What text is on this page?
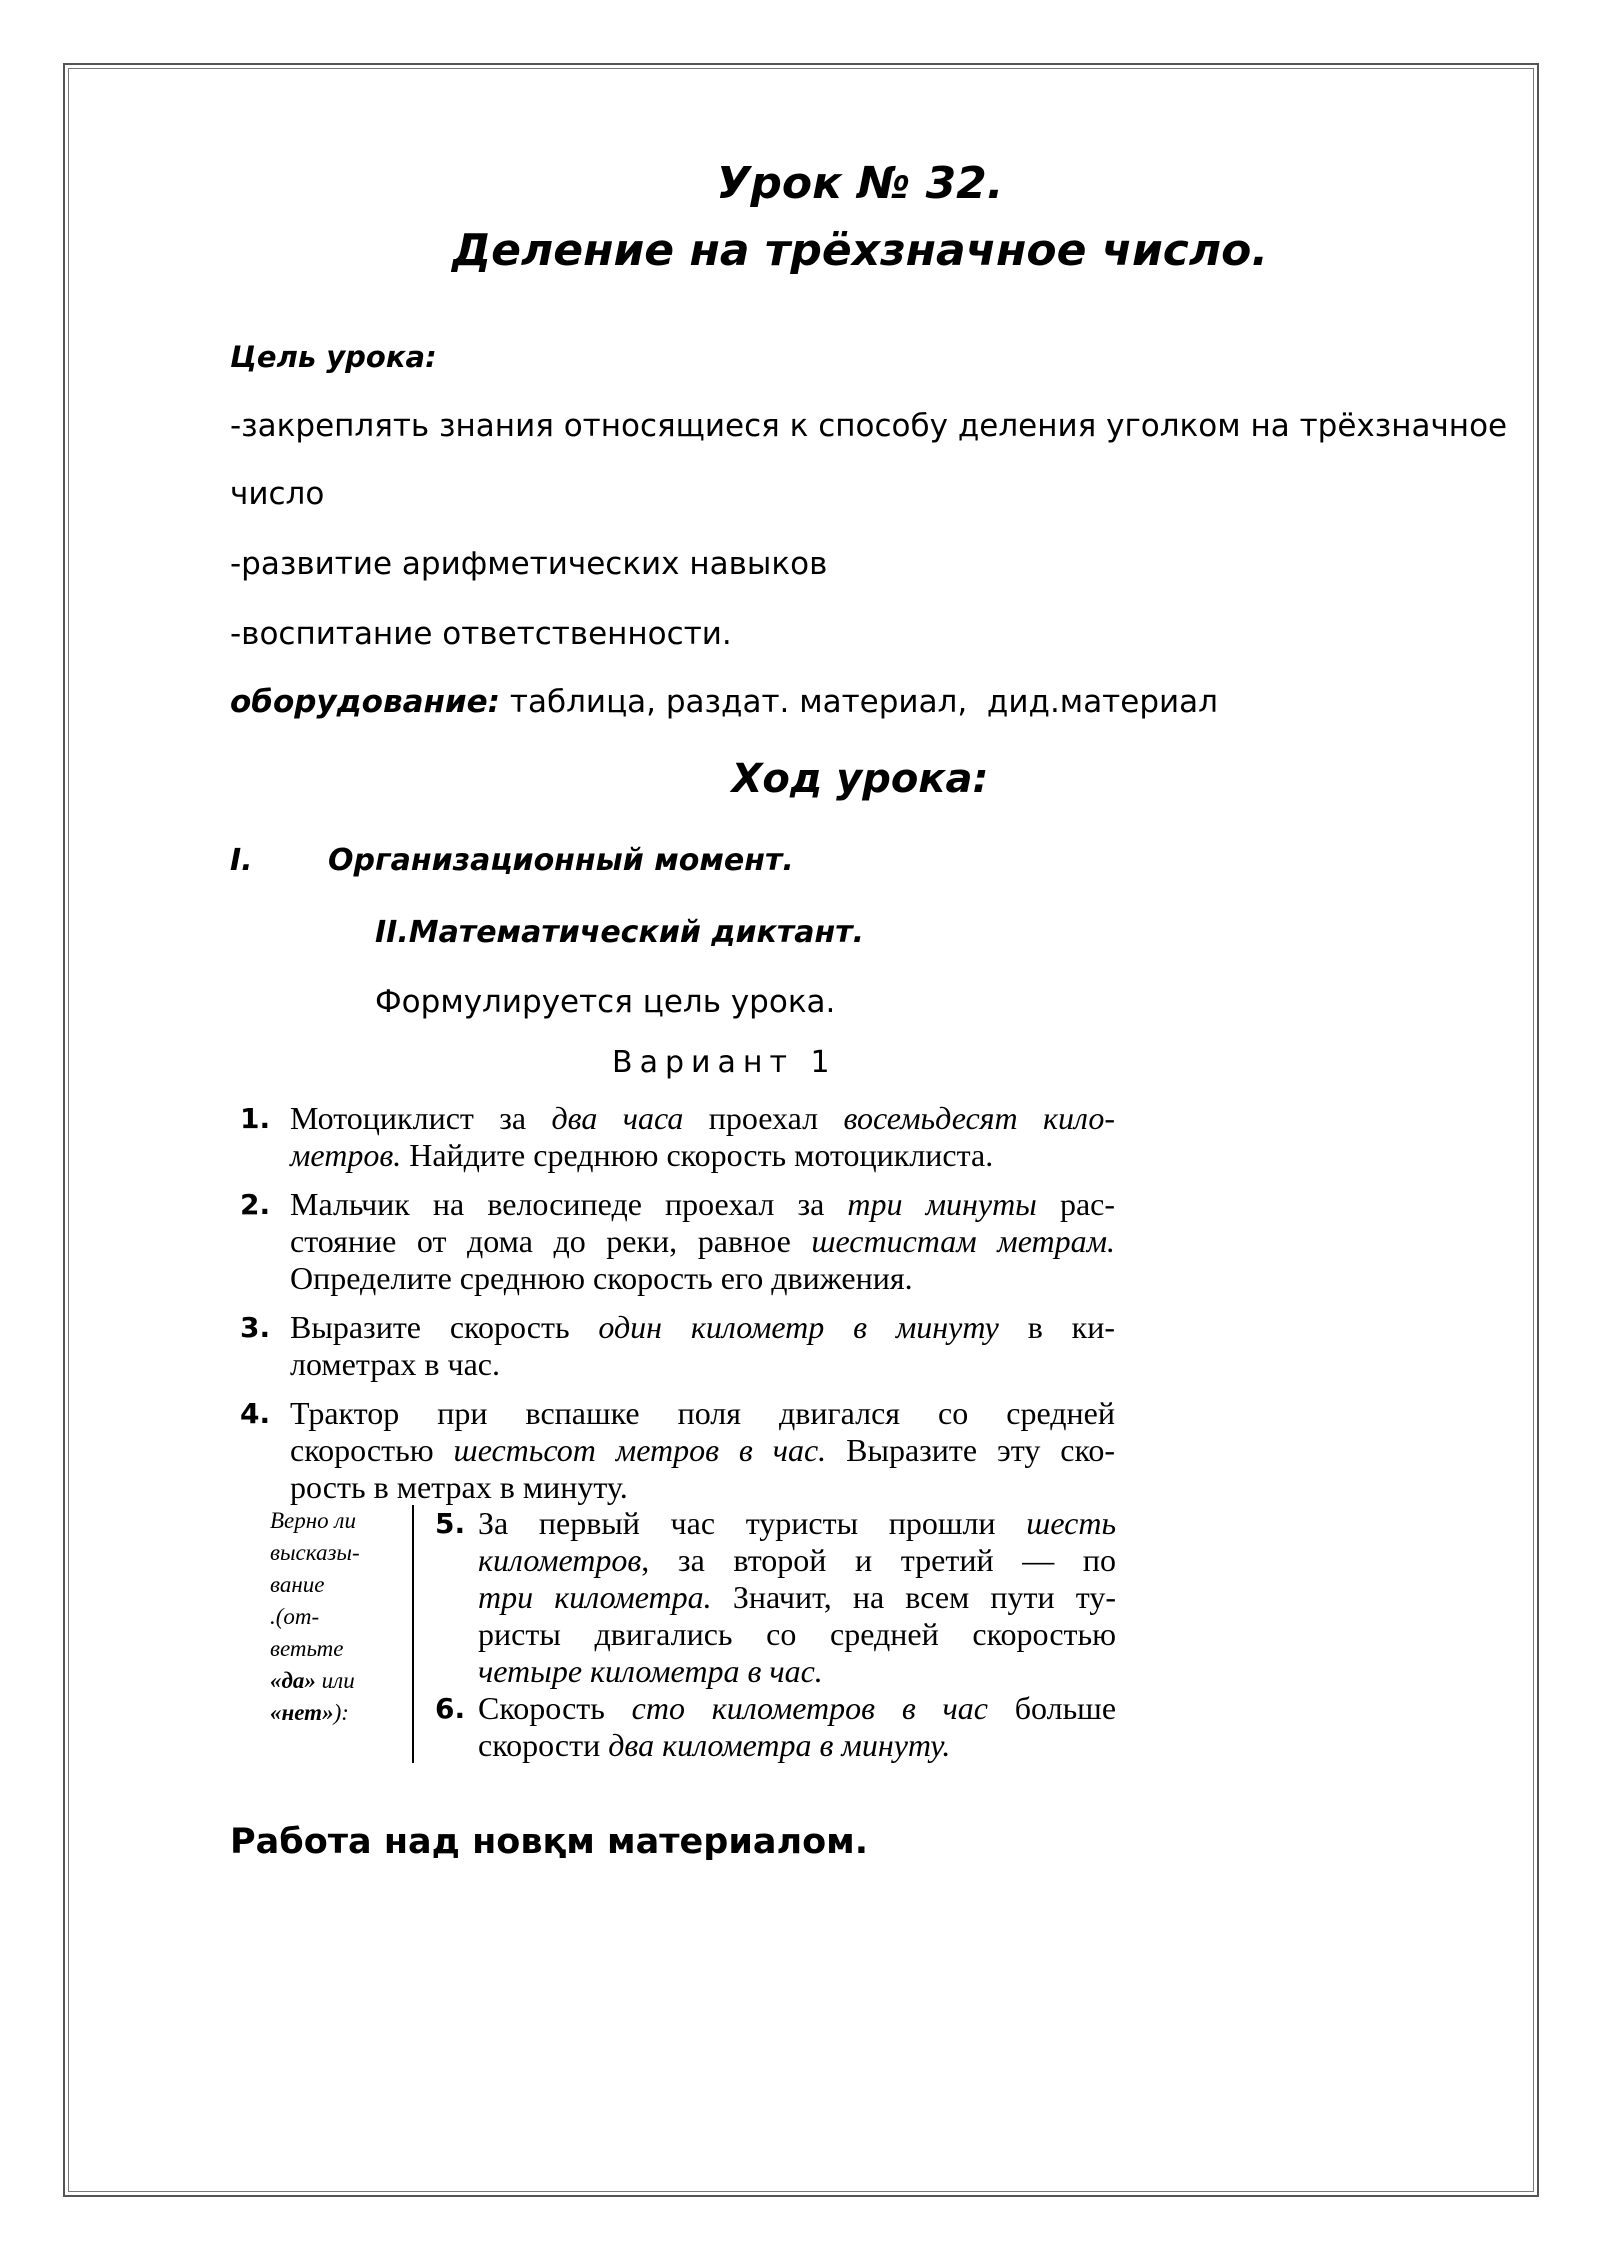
Урок № 32.
Деление на трёхзначное число.
Цель урока:
-закреплять знания относящиеся к способу деления уголком на трёхзначное
число
-развитие арифметических навыков
-воспитание ответственности.
оборудование: таблица, раздат. материал,  дид.материал
Ход урока:
I.	Организационный момент.
II.Математический диктант.
Формулируется цель урока.
Вариант 1
Верно ли
высказы-
вание
.(от-
ветьте
«да» или
«нет»):
1. Мотоциклист за два часа проехал восемьдесят кило-
метров. Найдите среднюю скорость мотоциклиста.
2. Мальчик на велосипеде проехал за три минуты рас-
стояние от дома до реки, равное шестистам метрам.
Определите среднюю скорость его движения.
3. Выразите скорость один километр в минуту в ки-
лометрах в час.
4. Трактор при вспашке поля двигался со средней
скоростью шестьсот метров в час. Выразите эту ско-
рость в метрах в минуту.
5. За первый час туристы прошли шесть
километров, за второй и третий — по
три километра. Значит, на всем пути ту-
ристы двигались со средней скоростью
четыре километра в час.
6. Скорость сто километров в час больше
скорости два километра в минуту.
Работа над новқм материалом.
